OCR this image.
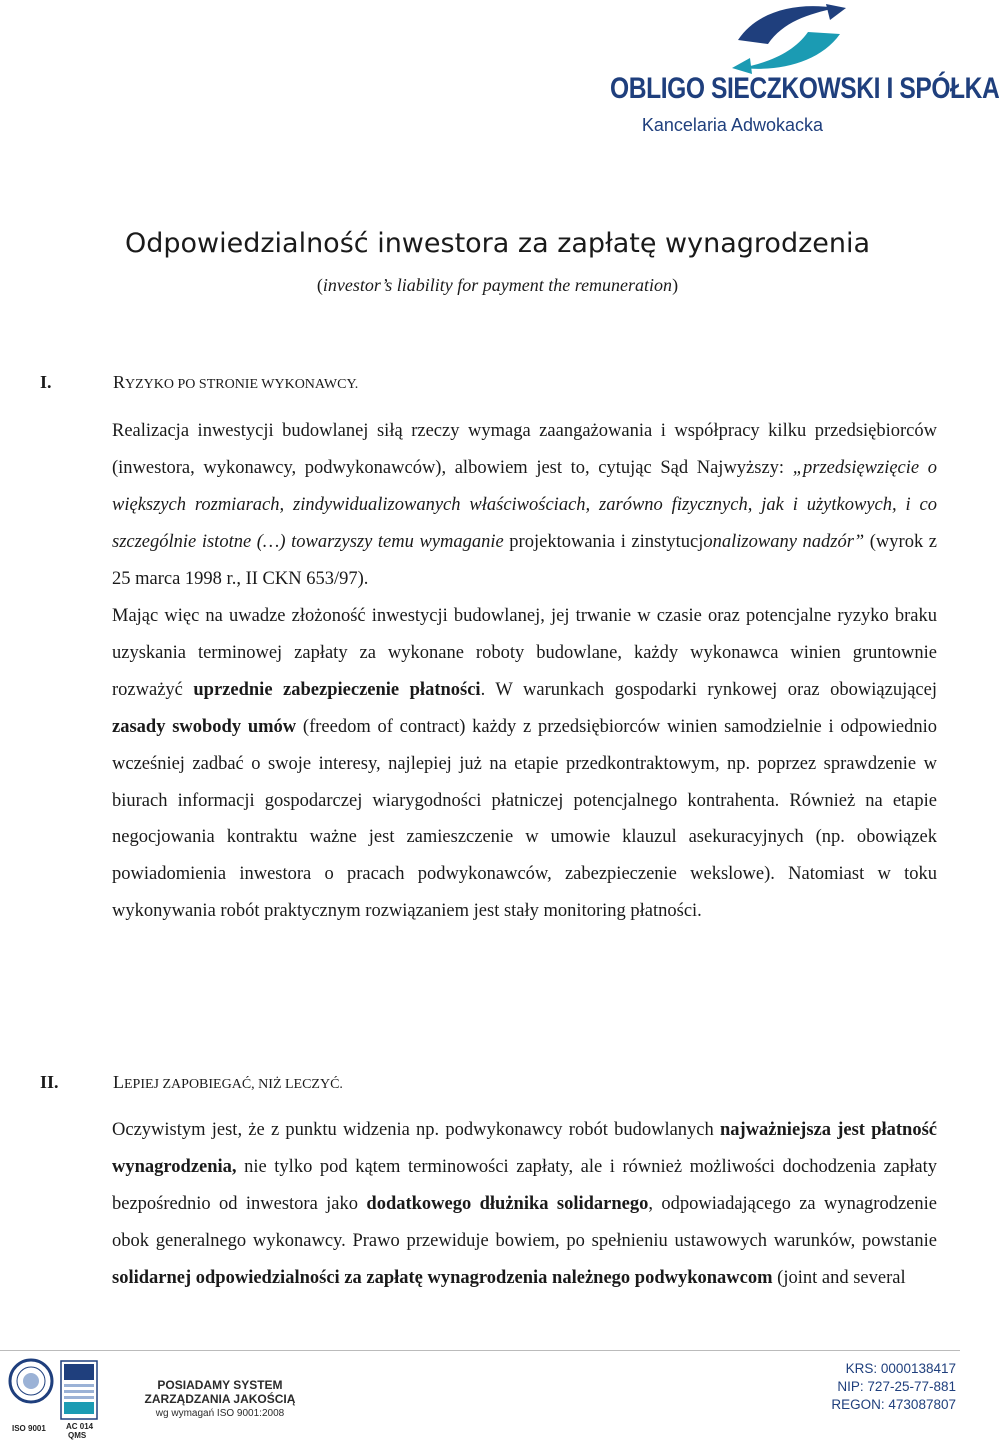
OBLIGO SIECZKOWSKI I SPÓŁKA
Kancelaria Adwokacka
Odpowiedzialność inwestora za zapłatę wynagrodzenia
(investor’s liability for payment the remuneration)
I.	RYZYKO PO STRONIE WYKONAWCY.
Realizacja inwestycji budowlanej siłą rzeczy wymaga zaangażowania i współpracy kilku przedsiębiorców (inwestora, wykonawcy, podwykonawców), albowiem jest to, cytując Sąd Najwyższy: „przedsięwzięcie o większych rozmiarach, zindywidualizowanych właściwościach, zarówno fizycznych, jak i użytkowych, i co szczególnie istotne (…) towarzyszy temu wymaganie projektowania i zinstytucjonalizowany nadzór” (wyrok z 25 marca 1998 r., II CKN 653/97).
Mając więc na uwadze złożoność inwestycji budowlanej, jej trwanie w czasie oraz potencjalne ryzyko braku uzyskania terminowej zapłaty za wykonane roboty budowlane, każdy wykonawca winien gruntownie rozważyć uprzednie zabezpieczenie płatności. W warunkach gospodarki rynkowej oraz obowiązującej zasady swobody umów (freedom of contract) każdy z przedsiębiorców winien samodzielnie i odpowiednio wcześniej zadbać o swoje interesy, najlepiej już na etapie przedkontraktowym, np. poprzez sprawdzenie w biurach informacji gospodarczej wiarygodności płatniczej potencjalnego kontrahenta. Również na etapie negocjowania kontraktu ważne jest zamieszczenie w umowie klauzul asekuracyjnych (np. obowiązek powiadomienia inwestora o pracach podwykonawców, zabezpieczenie wekslowe). Natomiast w toku wykonywania robót praktycznym rozwiązaniem jest stały monitoring płatności.
II.	LEPIEJ ZAPOBIEGAĆ, NIŻ LECZYĆ.
Oczywistym jest, że z punktu widzenia np. podwykonawcy robót budowlanych najważniejsza jest płatność wynagrodzenia, nie tylko pod kątem terminowości zapłaty, ale i również możliwości dochodzenia zapłaty bezpośrednio od inwestora jako dodatkowego dłużnika solidarnego, odpowiadającego za wynagrodzenie obok generalnego wykonawcy. Prawo przewiduje bowiem, po spełnieniu ustawowych warunków, powstanie solidarnej odpowiedzialności za zapłatę wynagrodzenia należnego podwykonawcom (joint and several
ISO 9001	AC 014
QMS
POSIADAMY SYSTEM
ZARZĄDZANIA JAKOŚCIĄ
wg wymagań ISO 9001:2008
KRS: 0000138417
NIP: 727-25-77-881
REGON: 473087807
